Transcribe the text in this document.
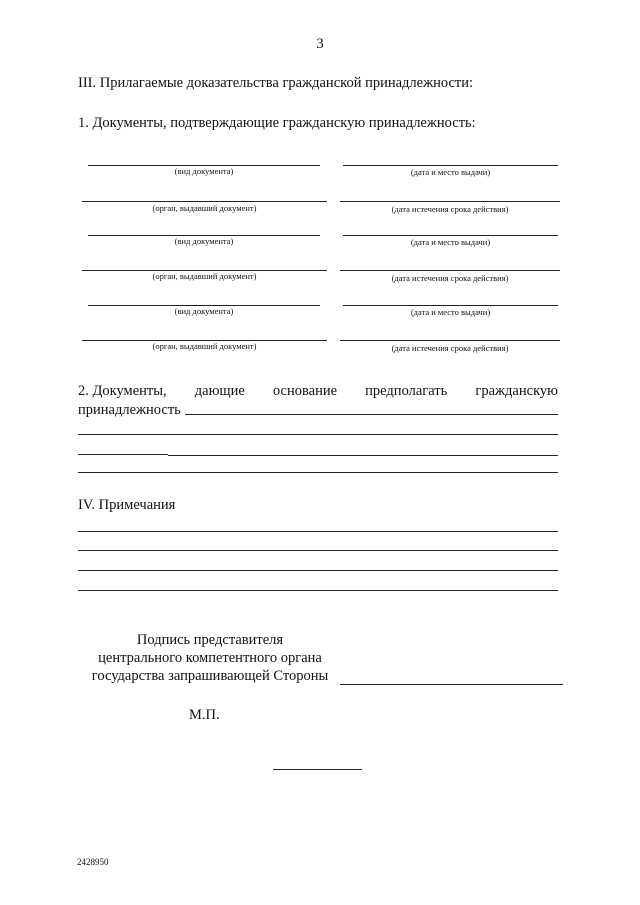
3
III. Прилагаемые доказательства гражданской принадлежности:
1. Документы, подтверждающие гражданскую принадлежность:
(вид документа)	(дата и место выдачи)
(орган, выдавший документ)	(дата истечения срока действия)
(вид документа)	(дата и место выдачи)
(орган, выдавший документ)	(дата истечения срока действия)
(вид документа)	(дата и место выдачи)
(орган, выдавший документ)	(дата истечения срока действия)
2. Документы, дающие основание предполагать гражданскую
принадлежность
IV. Примечания
Подпись представителя
центрального компетентного органа
государства запрашивающей Стороны
М.П.
2428950
